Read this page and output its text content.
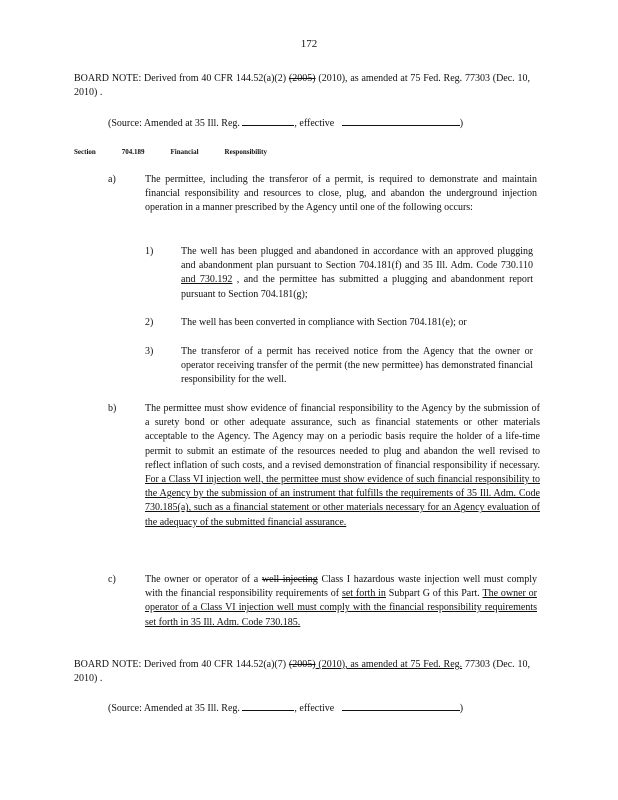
172

BOARD NOTE: Derived from 40 CFR 144.52(a)(2) (2005) (2010), as amended at 75 Fed. Reg. 77303 (Dec. 10, 2010) .

(Source: Amended at 35 Ill. Reg.	, effective	)

Section	704.189	Financial	Responsibility
a)	The permittee, including the transferor of a permit, is required to demonstrate and maintain financial responsibility and resources to close, plug, and abandon the underground injection operation in a manner prescribed by the Agency until one of the following occurs:

1)	The well has been plugged and abandoned in accordance with an approved plugging and abandonment plan pursuant to Section 704.181(f) and 35 Ill. Adm. Code 730.110 and 730.192 , and the permittee has submitted a plugging and abandonment report pursuant to Section 704.181(g);

2)	The well has been converted in compliance with Section 704.181(e); or

3)	The transferor of a permit has received notice from the Agency that the owner or operator receiving transfer of the permit (the new permittee) has demonstrated financial responsibility for the well.

b)	The permittee must show evidence of financial responsibility to the Agency by the submission of a surety bond or other adequate assurance, such as financial statements or other materials acceptable to the Agency. The Agency may on a periodic basis require the holder of a life-time permit to submit an estimate of the resources needed to plug and abandon the well revised to reflect inflation of such costs, and a revised demonstration of financial responsibility if necessary. For a Class VI injection well, the permittee must show evidence of such financial responsibility to the Agency by the submission of an instrument that fulfills the requirements of 35 Ill. Adm. Code 730.185(a), such as a financial statement or other materials necessary for an Agency evaluation of the adequacy of the submitted financial assurance.

c)	The owner or operator of a well injecting Class I hazardous waste injection well must comply with the financial responsibility requirements of set forth in Subpart G of this Part. The owner or operator of a Class VI injection well must comply with the financial responsibility requirements set forth in 35 Ill. Adm. Code 730.185.

BOARD NOTE: Derived from 40 CFR 144.52(a)(7) (2005) (2010), as amended at 75 Fed. Reg. 77303 (Dec. 10, 2010) .

(Source: Amended at 35 Ill. Reg.	, effective	)
